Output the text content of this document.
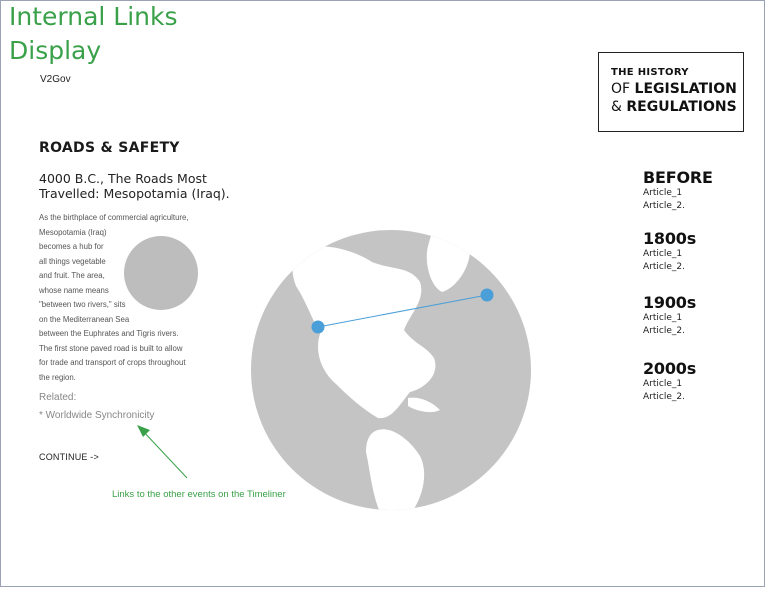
Internal Links
Display
V2Gov
THE HISTORY
OF LEGISLATION
& REGULATIONS
ROADS & SAFETY
4000 B.C., The Roads Most Travelled: Mesopotamia (Iraq).
As the birthplace of commercial agriculture,
Mesopotamia (Iraq)
becomes a hub for
all things vegetable
and fruit. The area,
whose name means
"between two rivers," sits
on the Mediterranean Sea
between the Euphrates and Tigris rivers.
The first stone paved road is built to allow
for trade and transport of crops throughout
the region.
Related:
* Worldwide Synchronicity
CONTINUE ->
Links to the other events on the Timeliner
BEFORE
Article_1
Article_2.
1800s
Article_1
Article_2.
1900s
Article_1
Article_2.
2000s
Article_1
Article_2.
